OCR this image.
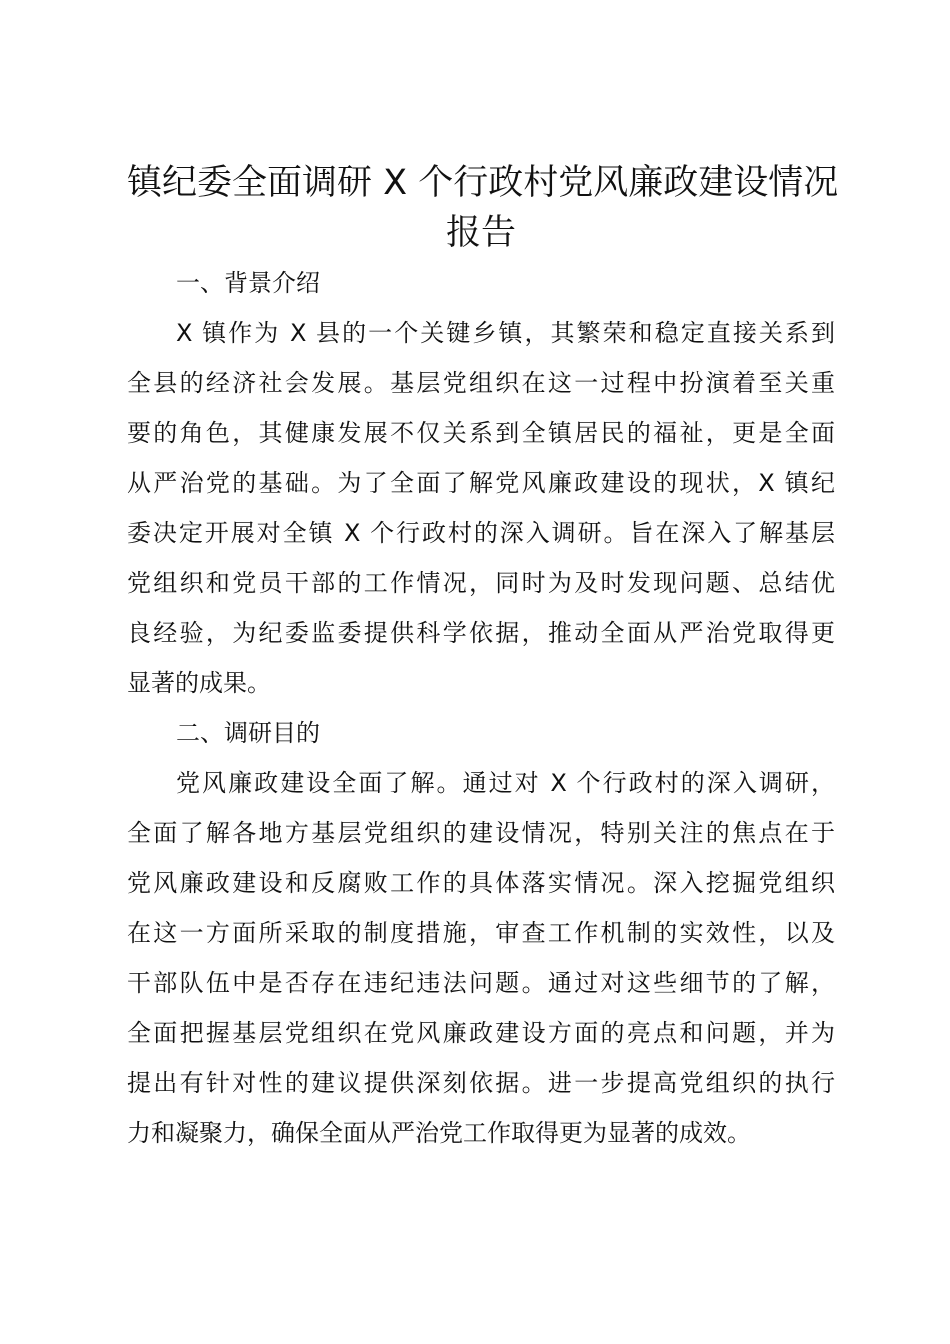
镇纪委全面调研 X 个行政村党风廉政建设情况
报告
一、背景介绍

X 镇作为 X 县的一个关键乡镇，其繁荣和稳定直接关系到
全县的经济社会发展。基层党组织在这一过程中扮演着至关重
要的角色，其健康发展不仅关系到全镇居民的福祉，更是全面
从严治党的基础。为了全面了解党风廉政建设的现状，X 镇纪
委决定开展对全镇 X 个行政村的深入调研。旨在深入了解基层
党组织和党员干部的工作情况，同时为及时发现问题、总结优
良经验，为纪委监委提供科学依据，推动全面从严治党取得更
显著的成果。

二、调研目的

党风廉政建设全面了解。通过对 X 个行政村的深入调研，
全面了解各地方基层党组织的建设情况，特别关注的焦点在于
党风廉政建设和反腐败工作的具体落实情况。深入挖掘党组织
在这一方面所采取的制度措施，审查工作机制的实效性，以及
干部队伍中是否存在违纪违法问题。通过对这些细节的了解，
全面把握基层党组织在党风廉政建设方面的亮点和问题，并为
提出有针对性的建议提供深刻依据。进一步提高党组织的执行
力和凝聚力，确保全面从严治党工作取得更为显著的成效。
